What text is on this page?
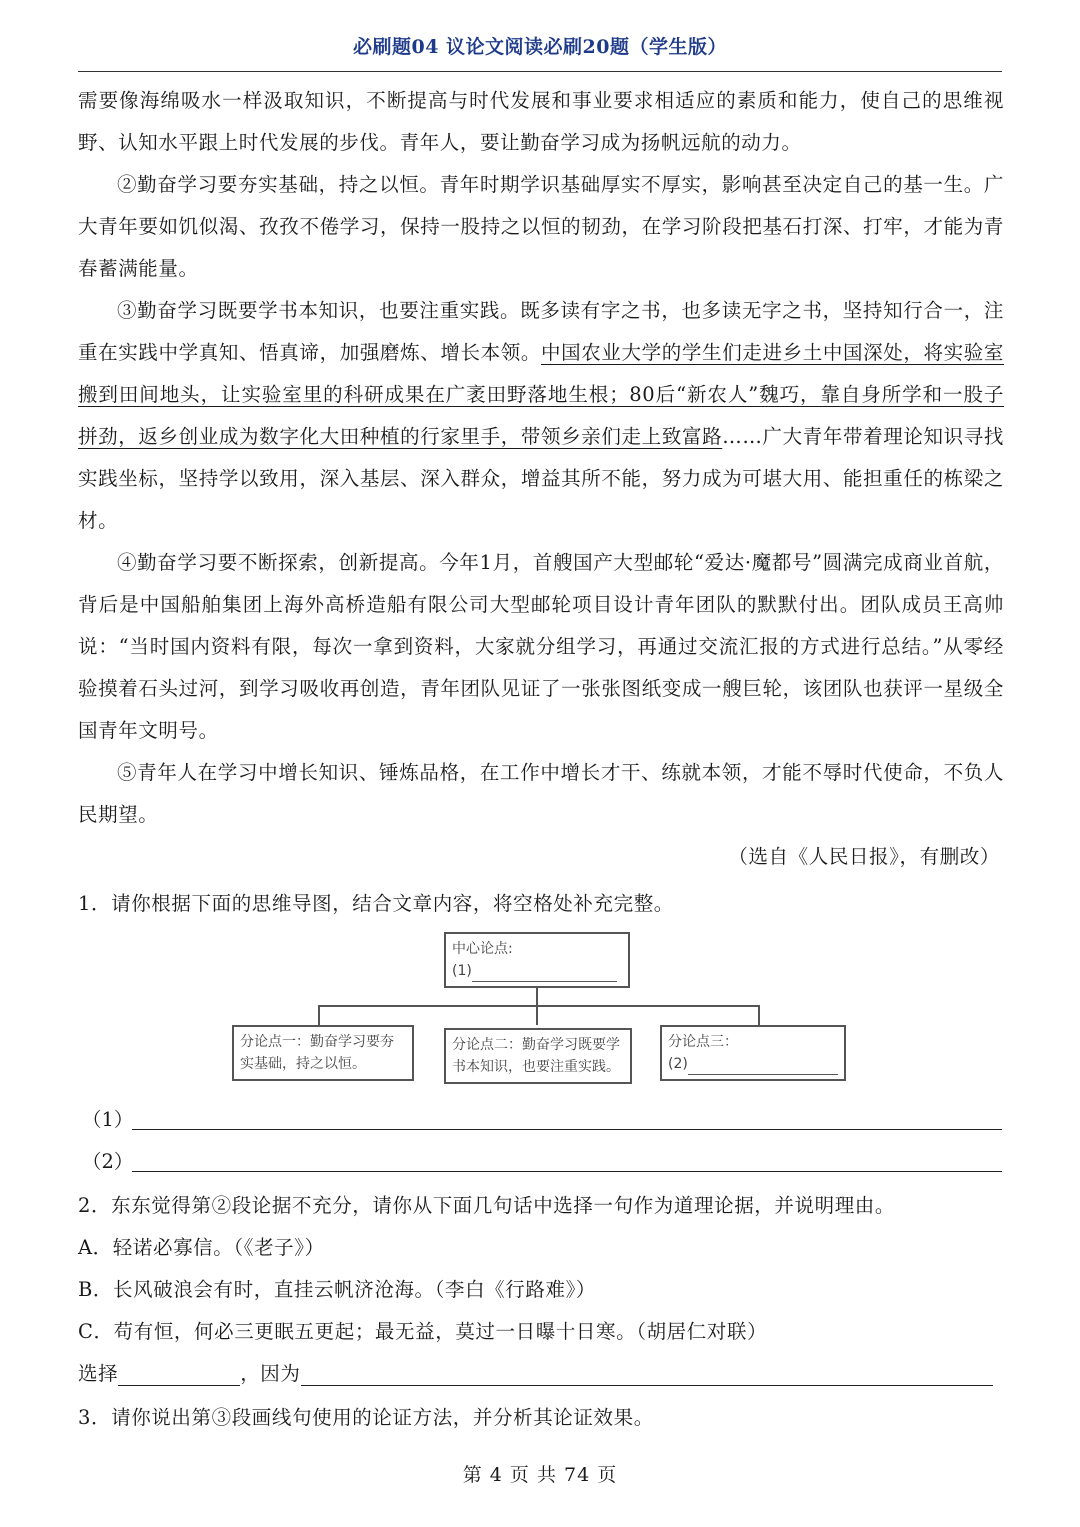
必刷题04 议论文阅读必刷20题（学生版）

需要像海绵吸水一样汲取知识，不断提高与时代发展和事业要求相适应的素质和能力，使自己的思维视野、认知水平跟上时代发展的步伐。青年人，要让勤奋学习成为扬帆远航的动力。

②勤奋学习要夯实基础，持之以恒。青年时期学识基础厚实不厚实，影响甚至决定自己的基一生。广大青年要如饥似渴、孜孜不倦学习，保持一股持之以恒的韧劲，在学习阶段把基石打深、打牢，才能为青春蓄满能量。

③勤奋学习既要学书本知识，也要注重实践。既多读有字之书，也多读无字之书，坚持知行合一，注重在实践中学真知、悟真谛，加强磨炼、增长本领。中国农业大学的学生们走进乡土中国深处，将实验室搬到田间地头，让实验室里的科研成果在广袤田野落地生根；80后“新农人”魏巧，靠自身所学和一股子拼劲，返乡创业成为数字化大田种植的行家里手，带领乡亲们走上致富路……广大青年带着理论知识寻找实践坐标，坚持学以致用，深入基层、深入群众，增益其所不能，努力成为可堪大用、能担重任的栋梁之材。

④勤奋学习要不断探索，创新提高。今年1月，首艘国产大型邮轮“爱达·魔都号”圆满完成商业首航，背后是中国船舶集团上海外高桥造船有限公司大型邮轮项目设计青年团队的默默付出。团队成员王高帅说：“当时国内资料有限，每次一拿到资料，大家就分组学习，再通过交流汇报的方式进行总结。”从零经验摸着石头过河，到学习吸收再创造，青年团队见证了一张张图纸变成一艘巨轮，该团队也获评一星级全国青年文明号。

⑤青年人在学习中增长知识、锤炼品格，在工作中增长才干、练就本领，才能不辱时代使命，不负人民期望。

（选自《人民日报》，有删改）

1．请你根据下面的思维导图，结合文章内容，将空格处补充完整。
中心论点:
(1)
分论点一：勤奋学习要夯实基础，持之以恒。
分论点二：勤奋学习既要学书本知识，也要注重实践。
分论点三：
(2)
（1）
（2）
2．东东觉得第②段论据不充分，请你从下面几句话中选择一句作为道理论据，并说明理由。
A．轻诺必寡信。（《老子》）
B．长风破浪会有时，直挂云帆济沧海。（李白《行路难》）
C．苟有恒，何必三更眠五更起；最无益，莫过一日曝十日寒。（胡居仁对联）
选择	，因为
3．请你说出第③段画线句使用的论证方法，并分析其论证效果。
第 4 页 共 74 页
